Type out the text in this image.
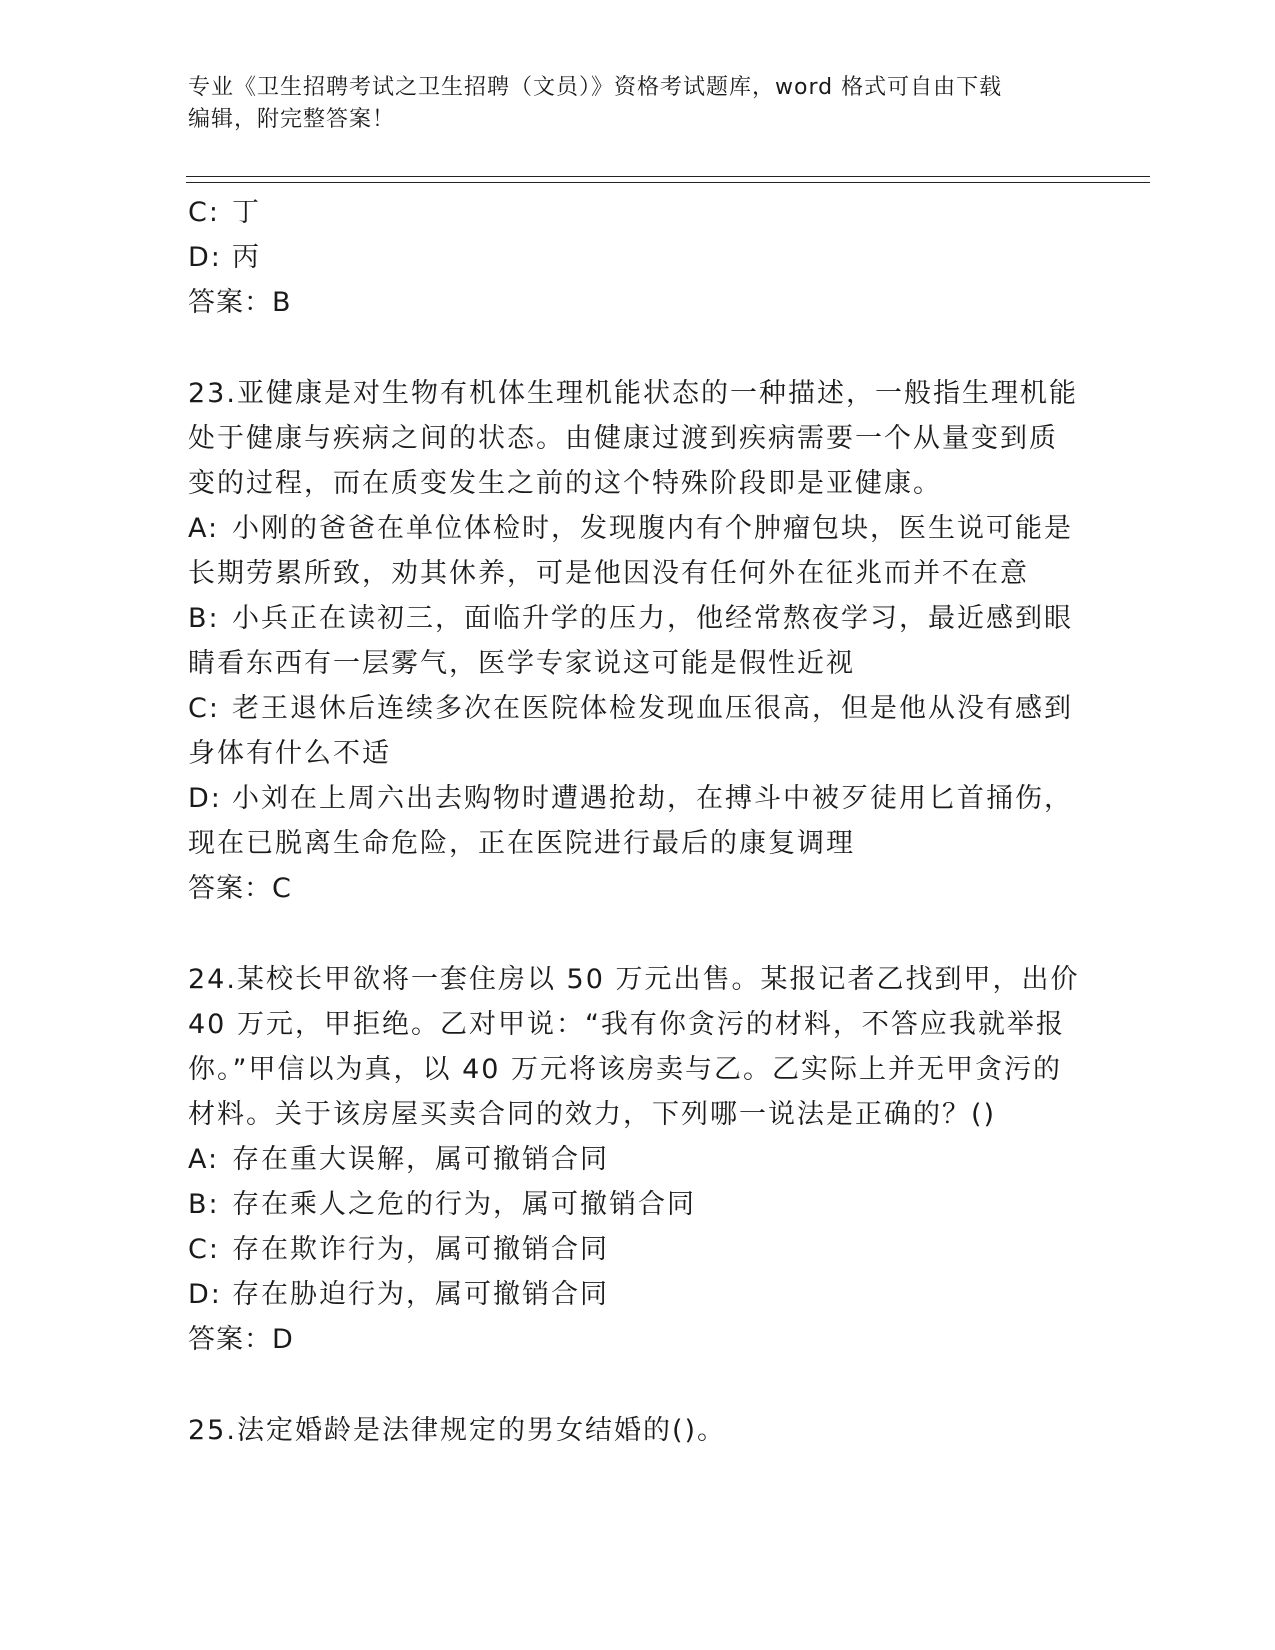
专业《卫生招聘考试之卫生招聘（文员）》资格考试题库，word 格式可自由下载
编辑，附完整答案！
C: 丁
D: 丙
答案：B
23.亚健康是对生物有机体生理机能状态的一种描述，一般指生理机能
处于健康与疾病之间的状态。由健康过渡到疾病需要一个从量变到质
变的过程，而在质变发生之前的这个特殊阶段即是亚健康。
A: 小刚的爸爸在单位体检时，发现腹内有个肿瘤包块，医生说可能是
长期劳累所致，劝其休养，可是他因没有任何外在征兆而并不在意
B: 小兵正在读初三，面临升学的压力，他经常熬夜学习，最近感到眼
睛看东西有一层雾气，医学专家说这可能是假性近视
C: 老王退休后连续多次在医院体检发现血压很高，但是他从没有感到
身体有什么不适
D: 小刘在上周六出去购物时遭遇抢劫，在搏斗中被歹徒用匕首捅伤，
现在已脱离生命危险，正在医院进行最后的康复调理
答案：C
24.某校长甲欲将一套住房以 50 万元出售。某报记者乙找到甲，出价
40 万元，甲拒绝。乙对甲说：“我有你贪污的材料，不答应我就举报
你。”甲信以为真，以 40 万元将该房卖与乙。乙实际上并无甲贪污的
材料。关于该房屋买卖合同的效力，下列哪一说法是正确的？()
A: 存在重大误解，属可撤销合同
B: 存在乘人之危的行为，属可撤销合同
C: 存在欺诈行为，属可撤销合同
D: 存在胁迫行为，属可撤销合同
答案：D
25.法定婚龄是法律规定的男女结婚的()。
